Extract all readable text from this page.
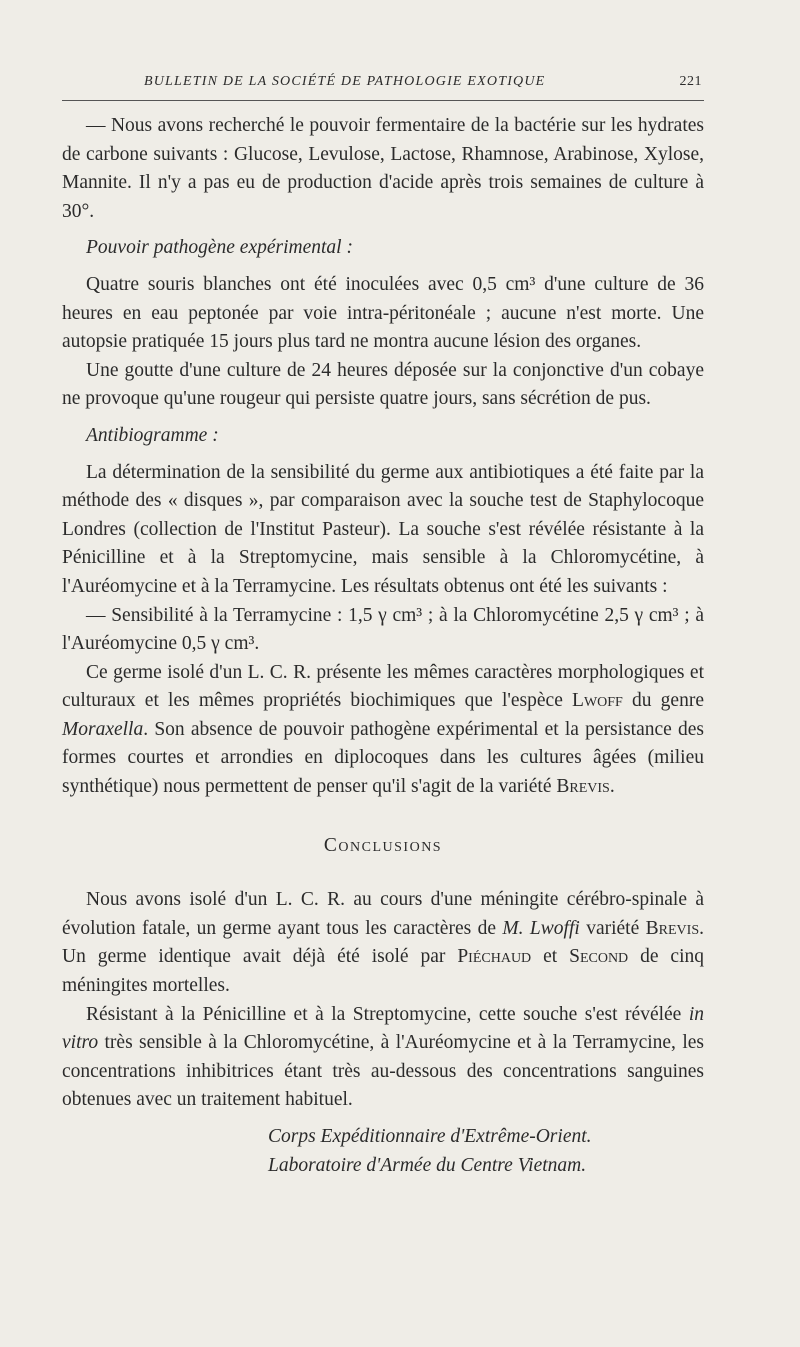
BULLETIN DE LA SOCIÉTÉ DE PATHOLOGIE EXOTIQUE	221

— Nous avons recherché le pouvoir fermentaire de la bactérie sur les hydrates de carbone suivants : Glucose, Levulose, Lactose, Rhamnose, Arabinose, Xylose, Mannite. Il n'y a pas eu de production d'acide après trois semaines de culture à 30°.

Pouvoir pathogène expérimental :

Quatre souris blanches ont été inoculées avec 0,5 cm³ d'une culture de 36 heures en eau peptonée par voie intra-péritonéale ; aucune n'est morte. Une autopsie pratiquée 15 jours plus tard ne montra aucune lésion des organes.

Une goutte d'une culture de 24 heures déposée sur la conjonctive d'un cobaye ne provoque qu'une rougeur qui persiste quatre jours, sans sécrétion de pus.

Antibiogramme :

La détermination de la sensibilité du germe aux antibiotiques a été faite par la méthode des « disques », par comparaison avec la souche test de Staphylocoque Londres (collection de l'Institut Pasteur). La souche s'est révélée résistante à la Pénicilline et à la Streptomycine, mais sensible à la Chloromycétine, à l'Auréomycine et à la Terramycine. Les résultats obtenus ont été les suivants :

— Sensibilité à la Terramycine : 1,5 γ cm³ ; à la Chloromycétine 2,5 γ cm³ ; à l'Auréomycine 0,5 γ cm³.

Ce germe isolé d'un L. C. R. présente les mêmes caractères morphologiques et culturaux et les mêmes propriétés biochimiques que l'espèce Lwoff du genre Moraxella. Son absence de pouvoir pathogène expérimental et la persistance des formes courtes et arrondies en diplocoques dans les cultures âgées (milieu synthétique) nous permettent de penser qu'il s'agit de la variété Brevis.

Conclusions

Nous avons isolé d'un L. C. R. au cours d'une méningite cérébro-spinale à évolution fatale, un germe ayant tous les caractères de M. Lwoffi variété Brevis. Un germe identique avait déjà été isolé par Piéchaud et Second de cinq méningites mortelles.

Résistant à la Pénicilline et à la Streptomycine, cette souche s'est révélée in vitro très sensible à la Chloromycétine, à l'Auréomycine et à la Terramycine, les concentrations inhibitrices étant très au-dessous des concentrations sanguines obtenues avec un traitement habituel.

Corps Expéditionnaire d'Extrême-Orient.
Laboratoire d'Armée du Centre Vietnam.
